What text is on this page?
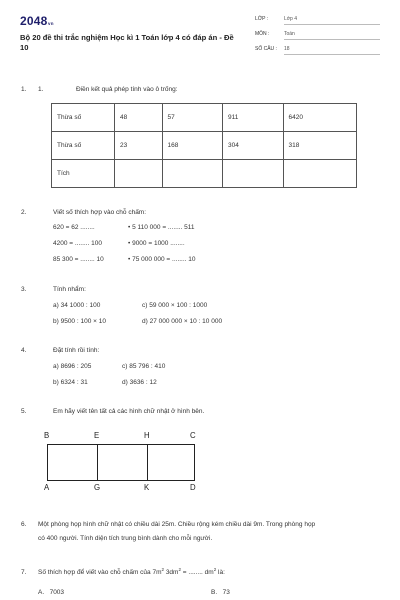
2048vn
Bộ 20 đề thi trắc nghiệm Học kì 1 Toán lớp 4 có đáp án - Đề 10
LỚP :	Lớp 4
MÔN :	Toán
SỐ CÂU : 18
1. 1.	Điền kết quả phép tính vào ô trống:
Thừa số	48	57	911	6420
Thừa số	23	168	304	318
Tích				
2.	Viết số thích hợp vào chỗ chấm:
620 = 62 ........	• 5 110 000 = ........ 511
4200 = ........ 100	• 9000 = 1000 ........
85 300 = ........ 10	• 75 000 000 = ........ 10
3.	Tính nhẩm:
a) 34 1000 : 100	c) 59 000 × 100 : 1000
b) 9500 : 100 × 10	d) 27 000 000 × 10 : 10 000
4.	Đặt tính rồi tính:
a) 8696 : 205	c) 85 796 : 410
b) 6324 : 31	d) 3636 : 12
5.	Em hãy viết tên tất cả các hình chữ nhật ở hình bên.
B	E	H	C
A	G	K	D
6. Một phòng họp hình chữ nhật có chiều dài 25m. Chiều rộng kém chiều dài 9m. Trong phòng họp
có 400 người. Tính diện tích trung bình dành cho mỗi người.
7. Số thích hợp để viết vào chỗ chấm của $7m^2$ $3dm^2$ = ........ $dm^2$ là:
A. 7003	B. 73
